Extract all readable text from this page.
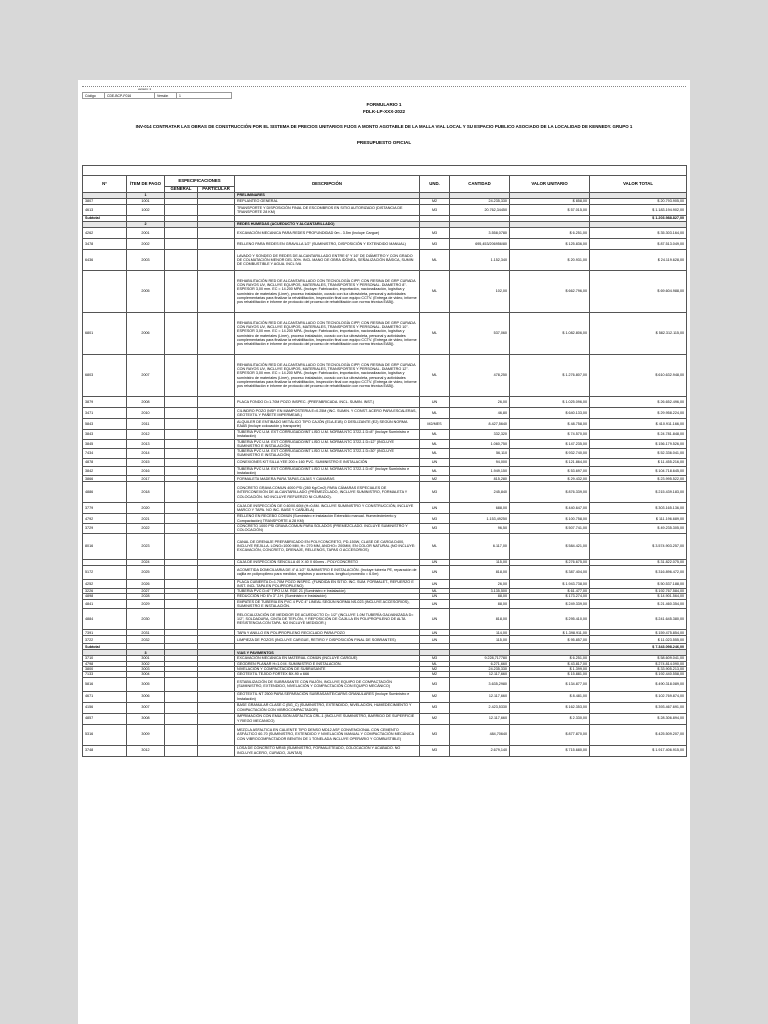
versión: 1
Código	CDE-BCP-F016	Versión	1
FORMULARIO 1
FDLK-LP-XXX-2022
INV-014 CONTRATAR LAS OBRAS DE CONSTRUCCIÓN POR EL SISTEMA DE PRECIOS UNITARIOS FIJOS A MONTO AGOTABLE DE LA MALLA VIAL LOCAL Y SU ESPACIO PUBLICO ASOCIADO DE LA LOCALIDAD DE KENNEDY. GRUPO 1
PRESUPUESTO OFICIAL

Nº	ÍTEM DE PAGO	ESPECIFICACIONES		DESCRIPCIÓN	UND.	CANTIDAD	VALOR UNITARIO	VALOR TOTAL
		GENERAL	PARTICULAR					
	1			PRELIMINARES				
3807	1001			REPLANTEO GENERAL	M2	24.235,330	$ 858,00	$ 20.793.905,00
4613	1002			TRANSPORTE Y DISPOSICIÓN FINAL DE ESCOMBROS EN SITIO AUTORIZADO (DISTANCIA DE TRANSPORTE 28 KM)	M3	20.762,34450	$ 57.015,00	$ 1.183.194.902,00
Subtotal								$ 1.203.988.827,00
	2			REDES HUMEDAS (ACUEDUCTO Y ALCANTARILLADO)				
4262	2001			EXCAVACIÓN MECANICA PARA REDES PROFUNDIDAD 0m - 3.5m (Incluye Cargue)	M3	3.558,0780	$ 6.251,00	$ 35.303.164,00
3478	2002			RELLENO PARA REDES EN GRAVILLA 1/2" (SUMINISTRO, DISPOSICIÓN Y EXTENDIDO MANUAL)	M3	695,453/206956/80	$ 125.836,00	$ 87.513.049,00
6436	2003			LAVADO Y SONDEO DE REDES DE ALCANTARILLADO ENTRE 6" Y 16" DE DIÁMETRO Y CON GRADO DE COLMATACIÓN MENOR DEL 30%. INCL MANO DE OBRA IDÓNEA, SEÑALIZACIÓN BÁSICA, SUMIN DE COMBUSTIBLE Y AGUA. INCL IVA	ML	1.152,340	$ 20.931,00	$ 24.119.628,00
	2005			REHABILITACIÓN RED DE ALCANTARILLADO CON TECNOLOGÍA CIPP, CON RESINA DE GRP CURADA CON RAYOS UV, INCLUYE EQUIPOS, MATERIALES, TRANSPORTES Y PERSONAL. DIAMETRO 8". ESPESOR 3,00 mm. EC = 14.200 MPA. (Incluye: Fabricación, importación, nacionalización, logística y suministro de materiales (Liner), proceso instalación, curado con luz ultravioleta, personal y actividades complementarias para finalizar la rehabilitación, Inspección final con equipo CCTV. (Entrega de video, informe pos rehabilitación e informe de protocolo del proceso de rehabilitación con norma técnica EAB)).	ML	102,00	$ 662.796,00	$ 69.604.988,00
6801	2006			REHABILITACIÓN RED DE ALCANTARILLADO CON TECNOLOGÍA CIPP, CON RESINA DE GRP CURADA CON RAYOS UV, INCLUYE EQUIPOS, MATERIALES, TRANSPORTES Y PERSONAL. DIAMETRO 10". ESPESOR 3,00 mm. EC = 14.200 MPA. (Incluye: Fabricación, importación, nacionalización, logística y suministro de materiales (Liner), proceso instalación, curado con luz ultravioleta, personal y actividades complementarias para finalizar la rehabilitación, Inspección final con equipo CCTV. (Entrega de video, informe pos rehabilitación e informe de protocolo del proceso de rehabilitación con norma técnica EAB)).	ML	537,060	$ 1.082.806,00	$ 582.312.115,00
6803	2007			REHABILITACIÓN RED DE ALCANTARILLADO CON TECNOLOGÍA CIPP, CON RESINA DE GRP CURADA CON RAYOS UV, INCLUYE EQUIPOS, MATERIALES, TRANSPORTES Y PERSONAL. DIAMETRO 12". ESPESOR 3,00 mm. EC = 14.200 MPA. (Incluye: Fabricación, importación, nacionalización, logística y suministro de materiales (Liner), proceso instalación, curado con luz ultravioleta, personal y actividades complementarias para finalizar la rehabilitación, Inspección final con equipo CCTV. (Entrega de video, informe pos rehabilitación e informe de protocolo del proceso de rehabilitación con norma técnica EAB)).	ML	478,250	$ 1.276.807,00	$ 610.632.948,00
3879	2008			PLACA FONDO D=1.70M POZO INSPEC. (PREFABRICADA. INCL. SUMIN. INST.)	UN	26,00	$ 1.025.096,00	$ 26.652.496,00
3471	2010			CILINDRO POZO INSP. EN MAMPOSTERIA E=0.25M (INC. SUMIN. Y CONST. ACERO PARA ESCALERAS, GEOTEXTIL Y PAÑETE IMPERMEAB.)	ML	46,80	$ 640.133,00	$ 29.958.224,00
5843	2011			ALQUILER DE ENTIBADO METÁLICO TIPO CAJÓN (E1A-E1B) O DESLIZANTE (E2) SEGÚN NORMA EAAB (Incluye colocación y transporte)	M2/MES	8.427,5640	$ 48.758,00	$ 410.911.166,00
3843	2012			TUBERIA PVC U.M. EXT CORRUGADO/INT LISO U.M. NORMA NTC 3722-1 D=8" (Incluye Suministro e Instalación)	ML	332,320	$ 74.570,00	$ 24.781.848,00
3845	2013			TUBERIA PVC U.M. EXT CORRUGADO/INT LISO U.M. NORMA NTC 3722-1 D=12" (INCLUYE SUMINISTRO E INSTALACIÓN)	ML	1.060,750	$ 147.235,00	$ 156.179.526,00
7434	2014			TUBERIA PVC U.M. EXT CORRUGADO/INT LISO U.M. NORMA NTC 3722-1 D=30" (INCLUYE SUMINISTRO E INSTALACIÓN)	ML	56,110	$ 932.740,00	$ 52.336.041,00
4878	2015			CONEXIONES KIT SILLA YEE 200 x 160 PVC. SUMINISTRO E INSTALACIÓN	UN	94,000	$ 121.864,00	$ 11.455.216,00
3842	2016			TUBERIA PVC U.M. EXT CORRUGADO/INT LISO U.M. NORMA NTC 3722-1 D=6" (Incluye Suministro e Instalación)	ML	1.949,150	$ 53.697,00	$ 104.718.645,00
3866	2017			FORMALETA MADERA PARA TAPAS-CAJAS Y CAMARAS	M2	815,280	$ 29.432,00	$ 23.995.522,00
4886	2018			CONCRETO GRAVA COMUN 4000 PSI (280 Kg/Cm2) PARA CÁMARAS ESPECIALES DE INTERCONEXIÓN DE ALCANTARILLADO (PREMEZCLADO, INCLUYE SUMINISTRO, FORMALETA Y COLOCACIÓN. NO INCLUYE REFUERZO NI CURADO).	M3	245,840	$ 876.339,00	$ 215.439.183,00
3779	2020			CAJA DE INSPECCIÓN DE 0.60X0.60M (H=0.8M. INCLUYE SUMINISTRO Y CONSTRUCCIÓN, INCLUYE MARCO Y TAPA. NO INC. BASE Y CAÑUELA)	UN	688,00	$ 440.647,00	$ 303.165.136,00
4792	2021			RELLENO EN RECEBO COMUN (Suministro e instalación Extendido manual. Humedecimiento y Compactación) TRANSPORTE A 28 KM)	M3	1.153,49250	$ 100.758,00	$ 111.196.689,00
3729	2022			CONCRETO 1000 PSI GRAVA COMUN PARA SOLADOS (PREMEZCLADO. INCLUYE SUMINISTRO Y COLOCACIÓN)	M3	96,50	$ 507.741,00	$ 49.235.305,00
8016	2023			CANAL DE DRENAJE PREFABRICADO EN POLYCONCRETO, PD-150W, CLASE DE CARGA D400, INCLUYE REJILLA. LONG=1000 MM, H= 270 MM, ANCHO= 200MM, EN COLOR NATURAL (NO INCLUYE: EXCAVACIÓN, CONCRETO, DRENAJE, RELLENOS, TAPAS O ACCESORIOS)	ML	6.117,00	$ 584.421,00	$ 3.574.903.257,00
	2024			CAJA DE INSPECCIÓN SENCILLA 40 X 40 X 60cms - POLYCONCRETO	UN	115,00	$ 276.675,00	$ 31.822.075,00
5172	2025			ACOMETIDA DOMICILIARIA DE 4" A 1/2" SUMINISTRO E INSTALACIÓN. (Incluye tubería PE, reparación de cajilla en polipropileno para medidor, registros y accesorios. longitud promedio = 6.0m)	UN	818,00	$ 387.404,00	$ 316.896.472,00
4252	2026			PLACA CUBIERTA D=1.70M POZO INSPEC. (FUNDIDA EN SITIO. INC. SUM. FORMALET., REFUERZO E INST. INCL TAPA EN POLIPROPILENO)	UN	26,00	$ 1.943.738,00	$ 50.537.188,00
3226	2027			TUBERIA PVC D=6" TIPO U.M. RDE 21 (Suministro e Instalación)	ML	3.135,500	$ 61.477,00	$ 192.767.584,00
4898	2028			REDUCCIÓN HD 6"x 3" J.H. (Suministro e Instalación)	UN	88,00	$ 173.274,00	$ 14.901.564,00
4841	2029			EMPATES DE TUBERÍA EN PVC 4 PVC 4" LINEAL SEGÚN NORMA NS-023 (INCLUYE ACCESORIOS), SUMINISTRO E INSTALACIÓN.	UN	88,00	$ 249.339,00	$ 21.460.354,00
4884	2030			RELOCALIZACIÓN DE MEDIDOR DE ACUEDUCTO D= 1/2" (INCLUYE 1.0M TUBERÍA GALVANIZADA D= 1/2", SOLDADURA, CINTA DE TEFLÓN, Y REPOSICIÓN DE CAJILLA EN POLIPROPILENO DE ALTA RESISTENCIA CON TAPA. NO INCLUYE MEDIDOR.)	UN	818,00	$ 295.410,00	$ 241.645.380,00
7391	2031			TAPA Y ANILLO EN POLIPROPILENO RECICLADO PARA POZO	UN	114,00	$ 1.398.911,00	$ 159.475.854,00
3722	2032			LIMPIEZA DE POZOS (INCLUYE CARGUE, RETIRO Y DISPOSICIÓN FINAL DE SOBRANTES)	UN	115,00	$ 95.857,00	$ 11.023.555,00
Subtotal								$ 7.343.098.246,00
	3			VIAS Y PAVIMENTOS				
3710	3001			EXCAVACIÓN MECÁNICA EN MATERIAL COMÚN (INCLUYE CARGUE)	M3	9.228,717780	$ 6.251,00	$ 58.609.041,00
4798	3002			GEODREN PLANAR H=1.0 M. SUMINISTRO E INSTALACIÓN.	ML	6.271,660	$ 43.817,00	$ 274.814.090,00
3800	3003			NIVELACIÓN Y COMPACTACIÓN DE SUBRASANTE	M2	24.235,330	$ 1.399,00	$ 33.905.213,00
7133	3004			GEOTEXTIL TEJIDO FORTEX BX-90 o 666	M2	12.117,660	$ 15.881,00	$ 192.440.558,00
5816	3005			ESTABILIZACIÓN DE SUBRASANTE CON RAJÓN, INCLUYE EQUIPO DE COMPACTACIÓN (SUMINISTRO, EXTENDIDO, NIVELACIÓN Y COMPACTACIÓN CON EQUIPO MECÁNICO)	M3	3.635,2980	$ 134.877,00	$ 490.318.089,00
4671	3006			GEOTEXTIL NT 2500 PARA SEPARACIÓN SUBRASANTE/CAPAS GRANULARES (Incluye Suministro e Instalación)	M2	12.117,660	$ 8.481,00	$ 102.769.874,00
4156	3007			BASE GRANULAR CLASE C (BG_C) (SUMINISTRO, EXTENDIDO, NIVELACIÓN, HUMEDECIMIENTO Y COMPACTACIÓN CON VIBROCOMPACTADOR)	M3	2.423,5330	$ 162.353,00	$ 393.467.691,00
4857	3008			IMPRIMACIÓN CON EMULSIÓN ASFÁLTICA CRL-1 (INCLUYE SUMINISTRO, BARRIDO DE SUPERFICIE Y RIEGO MECANICO)	M2	12.117,660	$ 2.330,00	$ 28.306.894,00
5316	3009			MEZCLA ASFALTICA EN CALIENTE TIPO DENSO MD12 ASF CONVENCIONAL CON CEMENTO ASFÁLTICO 60-70 (SUMINISTRO, EXTENDIDO Y NIVELACIÓN MANUAL Y COMPACTACIÓN MECÁNICA CON VIBROCOMPACTADOR BENITIN DE 1 TONELADA INCLUYE OPERARIO Y COMBUSTIBLE)	M3	484,70640	$ 877.870,00	$ 425.509.207,00
3748	3012			LOSA DE CONCRETO MR45 (SUMINISTRO, FORMALETEADO, COLOCACIÓN Y ACABADO. NO INCLUYE ACERO, CURADO, JUNTAS)	M3	2.679,140	$ 715.680,00	$ 1.917.406.915,00
